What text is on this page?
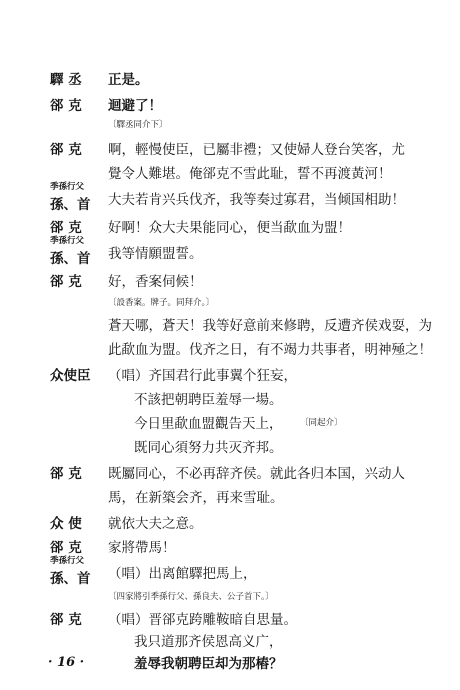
驛 丞 正是。
郤 克 迴避了！
〔驛丞同介下〕
郤 克 啊，輕慢使臣，已屬非禮；又使婦人登台笑客，尤
覺令人難堪。俺郤克不雪此耻，誓不再渡黃河！
季孫行父
孫、首 大夫若肯兴兵伐齐，我等奏过寡君，当倾国相助！
郤 克 好啊！众大夫果能同心，便当歃血为盟！
季孫行父
孫、首 我等情願盟誓。
郤 克 好，香案伺候！
〔設香案。牌子。同拜介。〕
蒼天哪，蒼天！我等好意前来修聘，反遭齐侯戏耍，为
此歃血为盟。伐齐之日，有不竭力共事者，明神殛之！
众使臣 （唱）齐国君行此事翼个狂妄，
不該把朝聘臣羞辱一場。
今日里歃血盟觀告天上， 〔同起介〕
既同心須努力共灭齐邦。
郤 克 既屬同心，不必再辞齐侯。就此各归本国，兴动人
馬，在新築会齐，再来雪耻。
众 使 就依大夫之意。
郤 克 家將帶馬！
季孫行父
孫、首 （唱）出离館驛把馬上，
〔四家將引季孫行父、孫良夫、公子首下。〕
郤 克 （唱）晋郤克跨雕鞍暗自思量。
我只道那齐侯恩高义广，
羞辱我朝聘臣却为那樁？
· 16 ·
